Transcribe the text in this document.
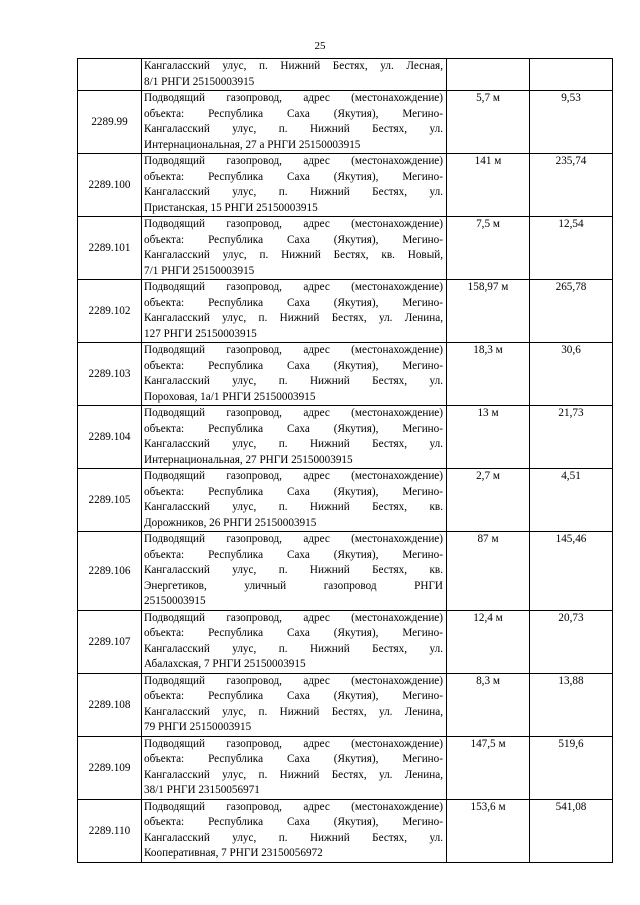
25

	Кангаласский улус, п. Нижний Бестях, ул. Лесная,
8/1 РНГИ 25150003915		

2289.99	Подводящий газопровод, адрес (местонахождение)
объекта: Республика Саха (Якутия), Мегино-
Кангаласский улус, п. Нижний Бестях, ул.
Интернациональная, 27 а РНГИ 25150003915	5,7 м	9,53

2289.100	Подводящий газопровод, адрес (местонахождение)
объекта: Республика Саха (Якутия), Мегино-
Кангаласский улус, п. Нижний Бестях, ул.
Пристанская, 15 РНГИ 25150003915	141 м	235,74

2289.101	Подводящий газопровод, адрес (местонахождение)
объекта: Республика Саха (Якутия), Мегино-
Кангаласский улус, п. Нижний Бестях, кв. Новый,
7/1 РНГИ 25150003915	7,5 м	12,54

2289.102	Подводящий газопровод, адрес (местонахождение)
объекта: Республика Саха (Якутия), Мегино-
Кангаласский улус, п. Нижний Бестях, ул. Ленина,
127 РНГИ 25150003915	158,97 м	265,78

2289.103	Подводящий газопровод, адрес (местонахождение)
объекта: Республика Саха (Якутия), Мегино-
Кангаласский улус, п. Нижний Бестях, ул.
Пороховая, 1а/1 РНГИ 25150003915	18,3 м	30,6

2289.104	Подводящий газопровод, адрес (местонахождение)
объекта: Республика Саха (Якутия), Мегино-
Кангаласский улус, п. Нижний Бестях, ул.
Интернациональная, 27 РНГИ 25150003915	13 м	21,73

2289.105	Подводящий газопровод, адрес (местонахождение)
объекта: Республика Саха (Якутия), Мегино-
Кангаласский улус, п. Нижний Бестях, кв.
Дорожников, 26 РНГИ 25150003915	2,7 м	4,51

2289.106	Подводящий газопровод, адрес (местонахождение)
объекта: Республика Саха (Якутия), Мегино-
Кангаласский улус, п. Нижний Бестях, кв.
Энергетиков, уличный газопровод РНГИ
25150003915	87 м	145,46

2289.107	Подводящий газопровод, адрес (местонахождение)
объекта: Республика Саха (Якутия), Мегино-
Кангаласский улус, п. Нижний Бестях, ул.
Абалахская, 7 РНГИ 25150003915	12,4 м	20,73

2289.108	Подводящий газопровод, адрес (местонахождение)
объекта: Республика Саха (Якутия), Мегино-
Кангаласский улус, п. Нижний Бестях, ул. Ленина,
79 РНГИ 25150003915	8,3 м	13,88

2289.109	Подводящий газопровод, адрес (местонахождение)
объекта: Республика Саха (Якутия), Мегино-
Кангаласский улус, п. Нижний Бестях, ул. Ленина,
38/1 РНГИ 23150056971	147,5 м	519,6

2289.110	Подводящий газопровод, адрес (местонахождение)
объекта: Республика Саха (Якутия), Мегино-
Кангаласский улус, п. Нижний Бестях, ул.
Кооперативная, 7 РНГИ 23150056972	153,6 м	541,08
